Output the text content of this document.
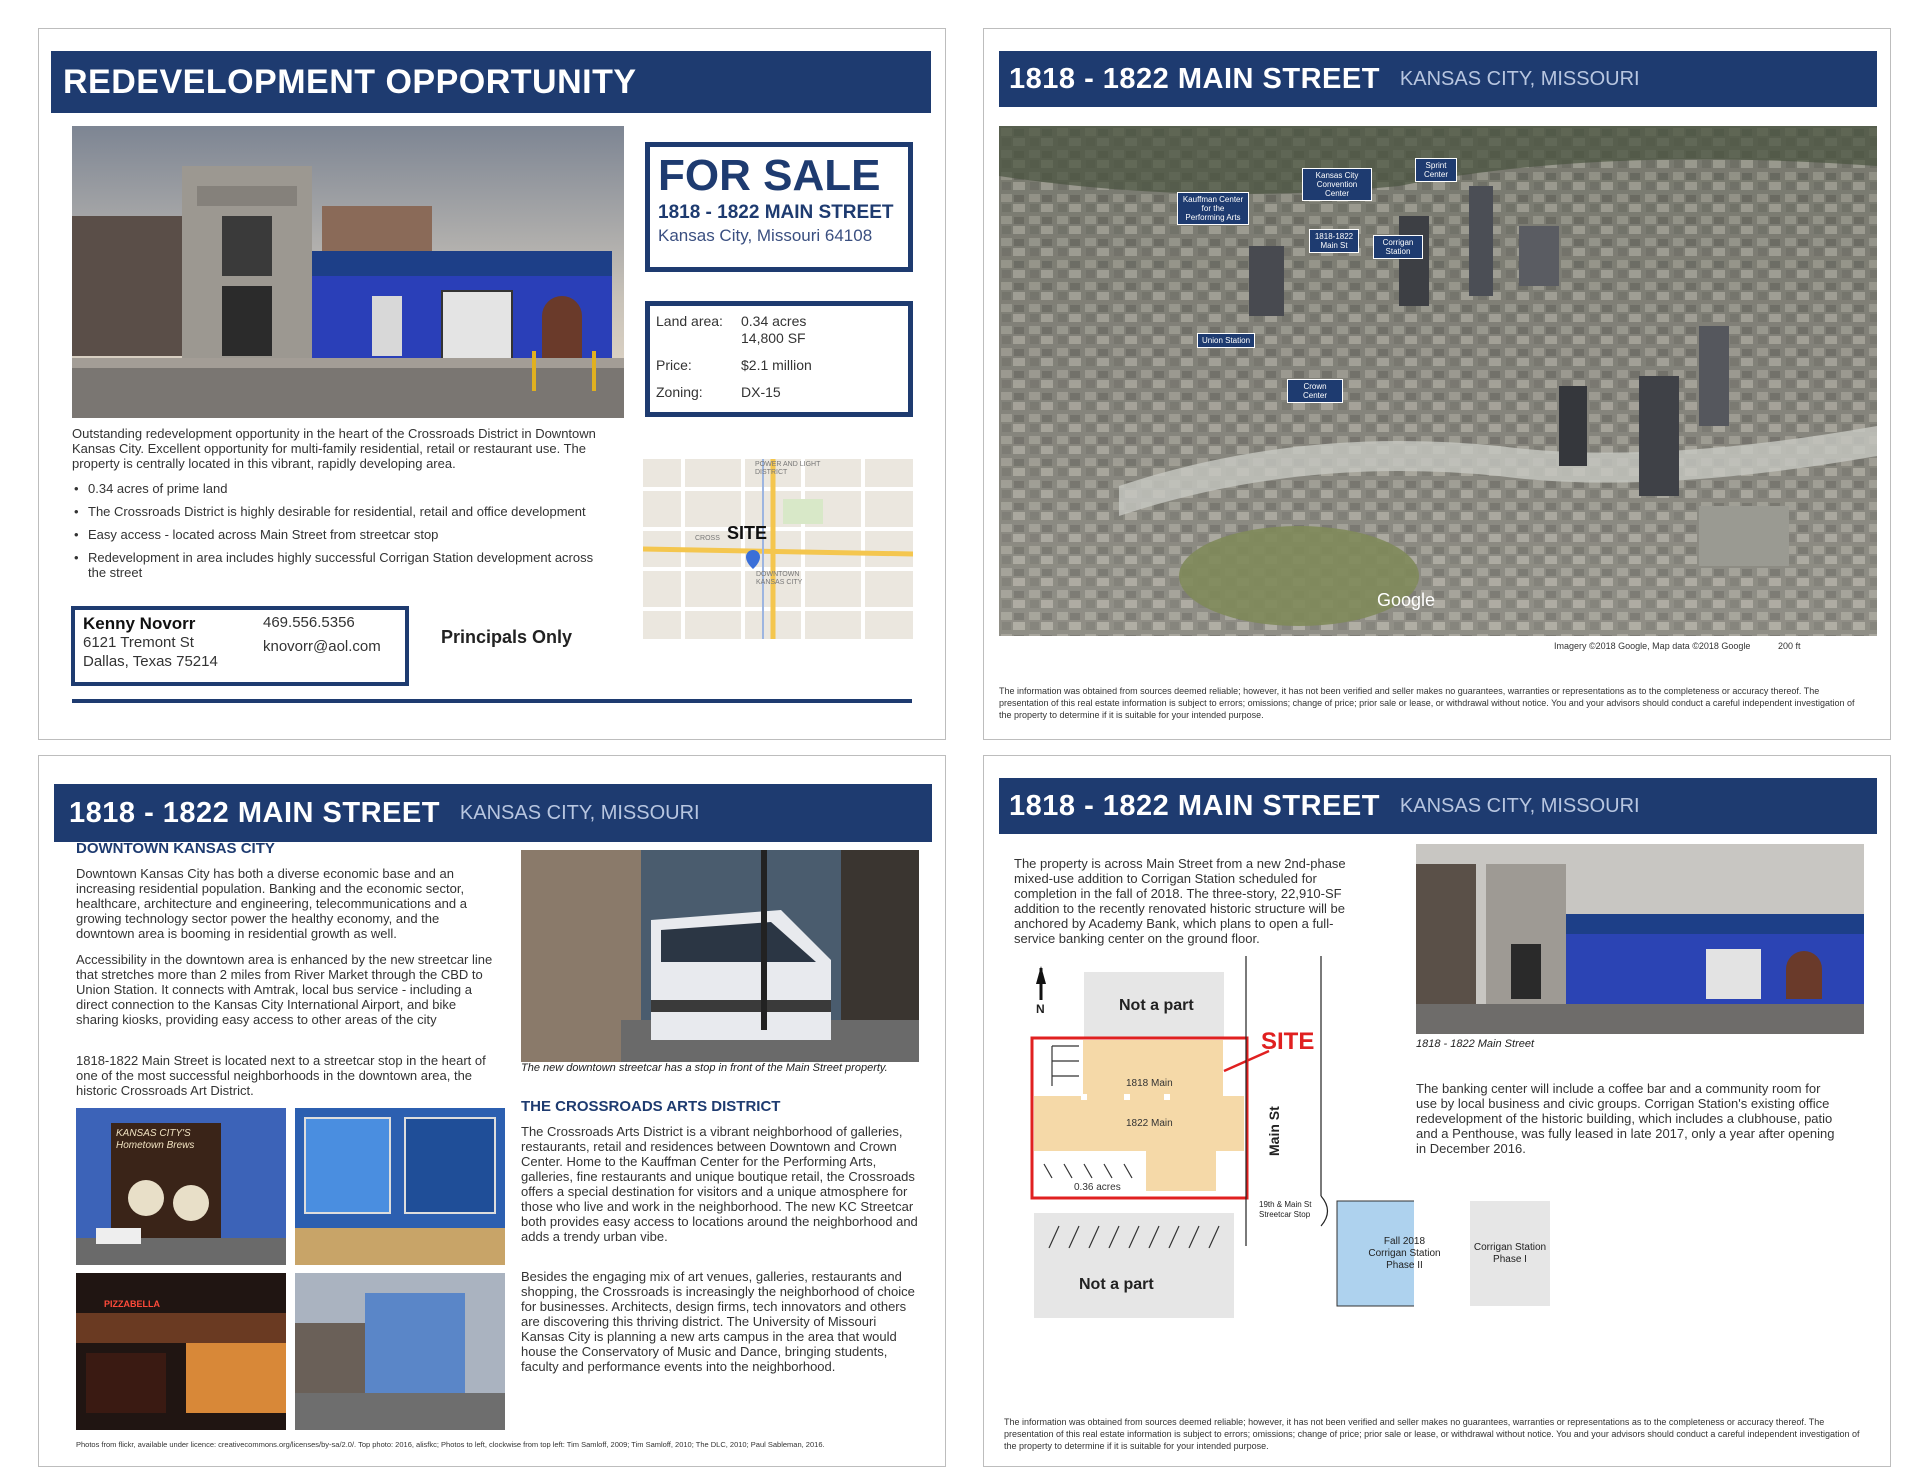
REDEVELOPMENT OPPORTUNITY
Outstanding redevelopment opportunity in the heart of the Crossroads District in Downtown Kansas City. Excellent opportunity for multi-family residential, retail or restaurant use. The property is centrally located in this vibrant, rapidly developing area.
• 0.34 acres of prime land
• The Crossroads District is highly desirable for residential, retail and office development
• Easy access - located across Main Street from streetcar stop
• Redevelopment in area includes highly successful Corrigan Station development across the street
FOR SALE
1818 - 1822 MAIN STREET
Kansas City, Missouri 64108
Land area: 0.34 acres
14,800 SF
Price:	$2.1 million
Zoning:	DX-15
SITE
POWER AND LIGHT DISTRICT
CROSS
DOWNTOWN KANSAS CITY
Kenny Novorr
6121 Tremont St
Dallas, Texas 75214
469.556.5356
knovorr@aol.com	Principals Only
1818 - 1822 MAIN STREET KANSAS CITY, MISSOURI
Kansas City Convention Center
Sprint Center
Kauffman Center for the Performing Arts
1818-1822 Main St	Corrigan Station
Union Station
Crown Center
Google
Imagery ©2018 Google, Map data ©2018 Google	200 ft
The information was obtained from sources deemed reliable; however, it has not been verified and seller makes no guarantees, warranties or representations as to the completeness or accuracy thereof. The presentation of this real estate information is subject to errors; omissions; change of price; prior sale or lease, or withdrawal without notice. You and your advisors should conduct a careful independent investigation of the property to determine if it is suitable for your intended purpose.
1818 - 1822 MAIN STREET KANSAS CITY, MISSOURI
DOWNTOWN KANSAS CITY
Downtown Kansas City has both a diverse economic base and an increasing residential population. Banking and the economic sector, healthcare, architecture and engineering, telecommunications and a growing technology sector power the healthy economy, and the downtown area is booming in residential growth as well.
Accessibility in the downtown area is enhanced by the new streetcar line that stretches more than 2 miles from River Market through the CBD to Union Station. It connects with Amtrak, local bus service - including a direct connection to the Kansas City International Airport, and bike sharing kiosks, providing easy access to other areas of the city
1818-1822 Main Street is located next to a streetcar stop in the heart of one of the most successful neighborhoods in the downtown area, the historic Crossroads Art District.
The new downtown streetcar has a stop in front of the Main Street property.
THE CROSSROADS ARTS DISTRICT
The Crossroads Arts District is a vibrant neighborhood of galleries, restaurants, retail and residences between Downtown and Crown Center. Home to the Kauffman Center for the Performing Arts, galleries, fine restaurants and unique boutique retail, the Crossroads offers a special destination for visitors and a unique atmosphere for those who live and work in the neighborhood. The new KC Streetcar both provides easy access to locations around the neighborhood and adds a trendy urban vibe.
Besides the engaging mix of art venues, galleries, restaurants and shopping, the Crossroads is increasingly the neighborhood of choice for businesses. Architects, design firms, tech innovators and others are discovering this thriving district. The University of Missouri Kansas City is planning a new arts campus in the area that would house the Conservatory of Music and Dance, bringing students, faculty and performance events into the neighborhood.
KANSAS CITY'S Hometown Brews
PIZZABELLA
Photos from flickr, available under licence: creativecommons.org/licenses/by-sa/2.0/. Top photo: 2016, alisfkc; Photos to left, clockwise from top left: Tim Samloff, 2009; Tim Samloff, 2010; The DLC, 2010; Paul Sableman, 2016.
1818 - 1822 MAIN STREET KANSAS CITY, MISSOURI
The property is across Main Street from a new 2nd-phase mixed-use addition to Corrigan Station scheduled for completion in the fall of 2018. The three-story, 22,910-SF addition to the recently renovated historic structure will be anchored by Academy Bank, which plans to open a full-service banking center on the ground floor.
1818 - 1822 Main Street
The banking center will include a coffee bar and a community room for use by local business and civic groups. Corrigan Station's existing office redevelopment of the historic building, which includes a clubhouse, patio and a Penthouse, was fully leased in late 2017, only a year after opening in December 2016.
N	Not a part
SITE
1818 Main
1822 Main
0.36 acres
Main St
19th & Main St Streetcar Stop
Not a part
Fall 2018 Corrigan Station Phase II
Corrigan Station Phase I
The information was obtained from sources deemed reliable; however, it has not been verified and seller makes no guarantees, warranties or representations as to the completeness or accuracy thereof. The presentation of this real estate information is subject to errors; omissions; change of price; prior sale or lease, or withdrawal without notice. You and your advisors should conduct a careful independent investigation of the property to determine if it is suitable for your intended purpose.
